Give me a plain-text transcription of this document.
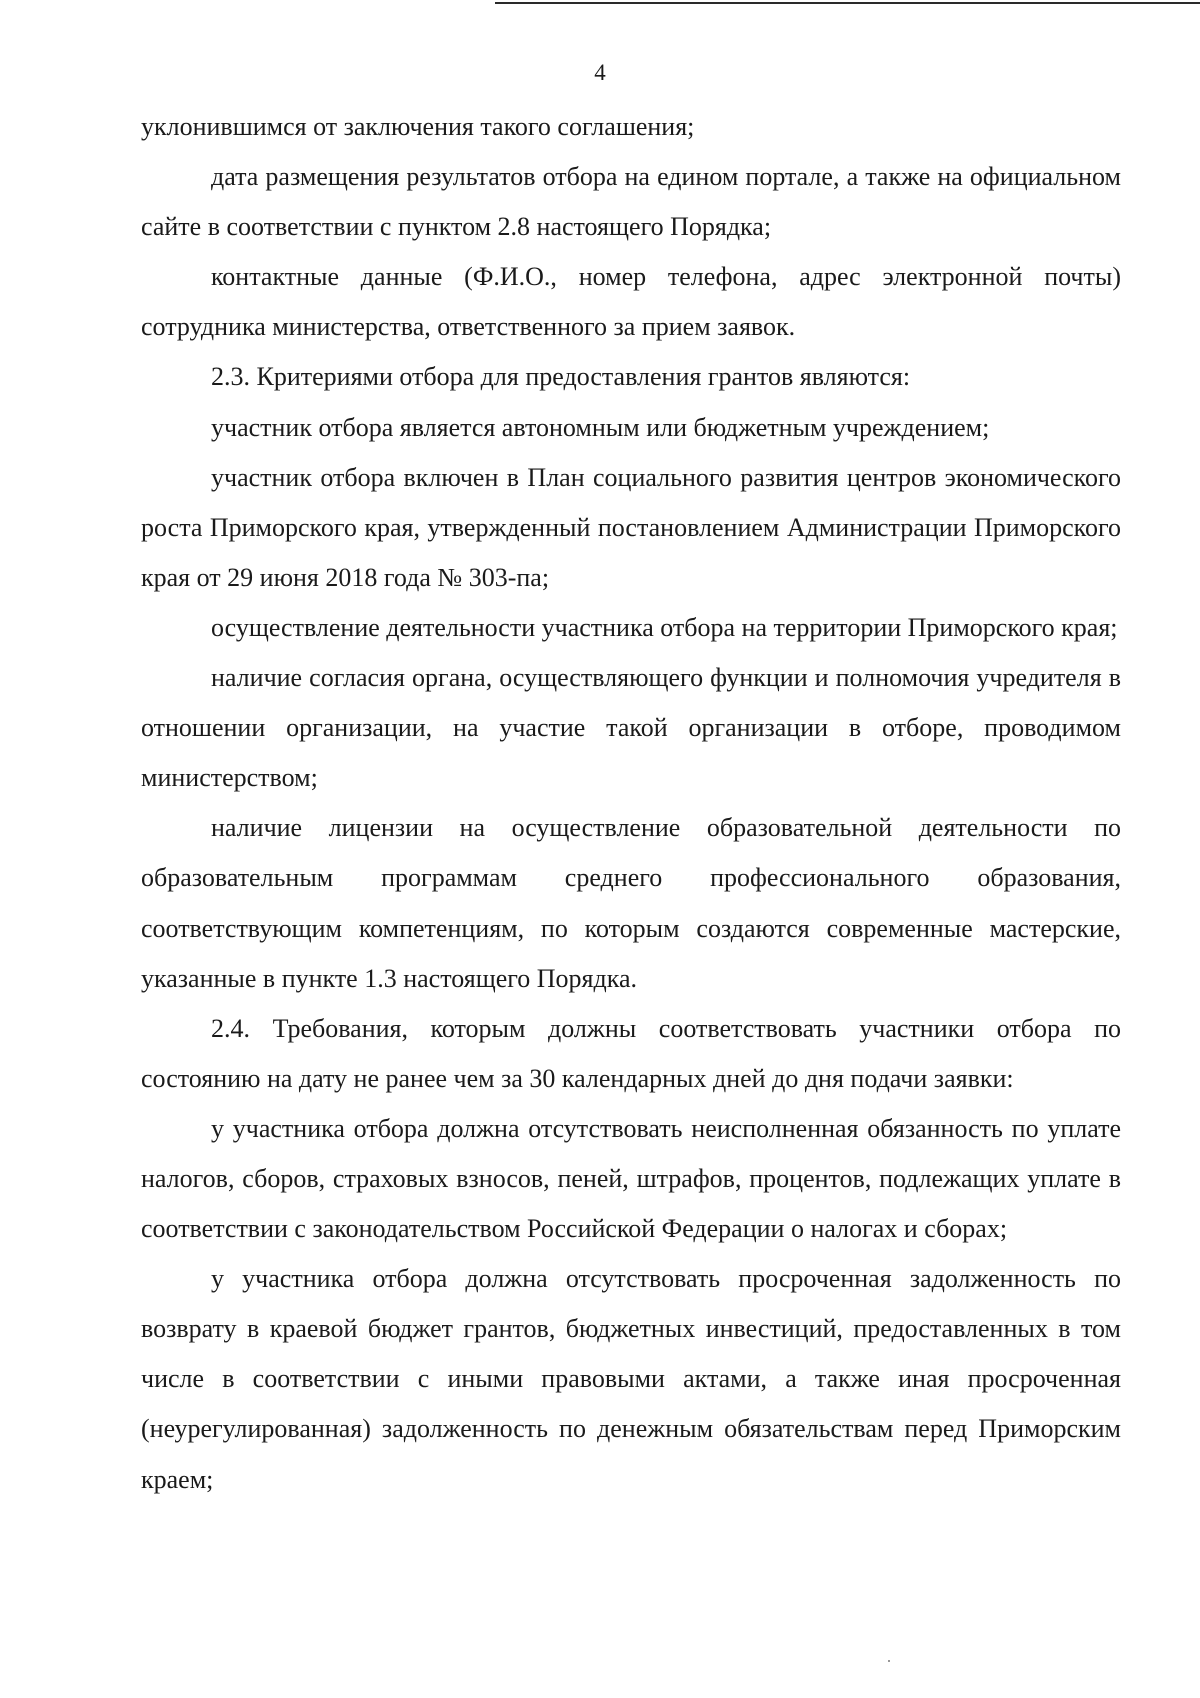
4

уклонившимся от заключения такого соглашения;

дата размещения результатов отбора на едином портале, а также на официальном сайте в соответствии с пунктом 2.8 настоящего Порядка;

контактные данные (Ф.И.О., номер телефона, адрес электронной почты) сотрудника министерства, ответственного за прием заявок.

2.3. Критериями отбора для предоставления грантов являются:

участник отбора является автономным или бюджетным учреждением;

участник отбора включен в План социального развития центров экономического роста Приморского края, утвержденный постановлением Администрации Приморского края от 29 июня 2018 года № 303-па;

осуществление деятельности участника отбора на территории Приморского края;

наличие согласия органа, осуществляющего функции и полномочия учредителя в отношении организации, на участие такой организации в отборе, проводимом министерством;

наличие лицензии на осуществление образовательной деятельности по образовательным программам среднего профессионального образования, соответствующим компетенциям, по которым создаются современные мастерские, указанные в пункте 1.3 настоящего Порядка.

2.4. Требования, которым должны соответствовать участники отбора по состоянию на дату не ранее чем за 30 календарных дней до дня подачи заявки:

у участника отбора должна отсутствовать неисполненная обязанность по уплате налогов, сборов, страховых взносов, пеней, штрафов, процентов, подлежащих уплате в соответствии с законодательством Российской Федерации о налогах и сборах;

у участника отбора должна отсутствовать просроченная задолженность по возврату в краевой бюджет грантов, бюджетных инвестиций, предоставленных в том числе в соответствии с иными правовыми актами, а также иная просроченная (неурегулированная) задолженность по денежным обязательствам перед Приморским краем;
